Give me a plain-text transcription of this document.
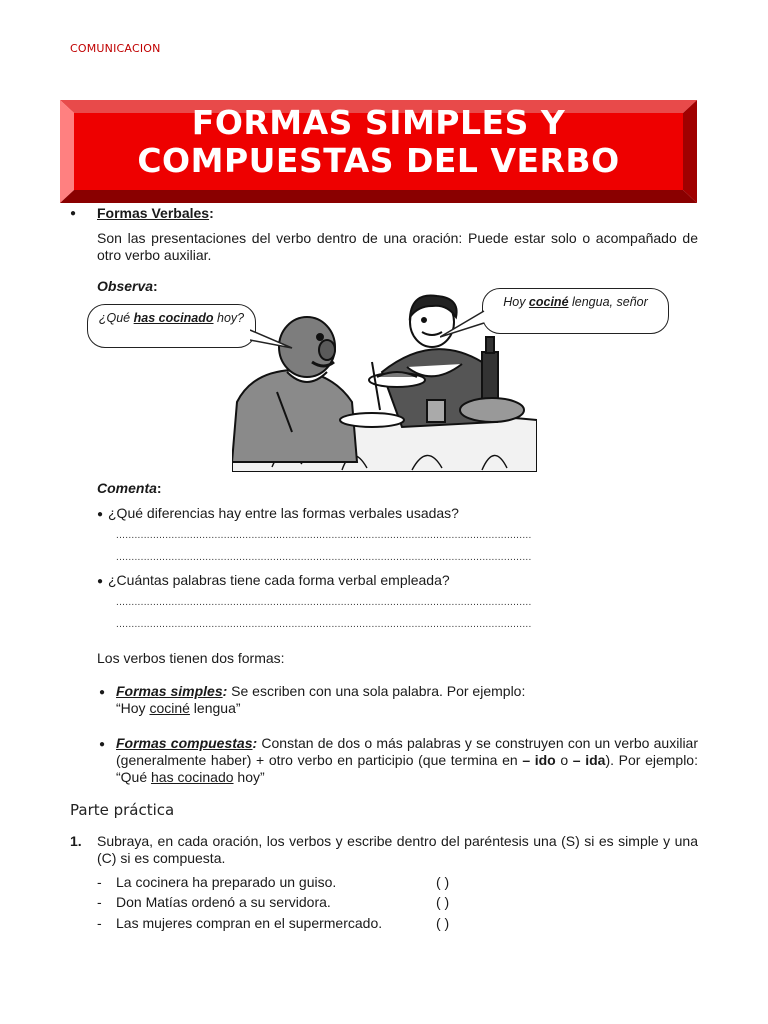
COMUNICACION
FORMAS SIMPLES Y
COMPUESTAS DEL VERBO
● Formas Verbales:
Son las presentaciones del verbo dentro de una oración: Puede estar solo o acompañado de otro verbo auxiliar.
Observa:
¿Qué has cocinado hoy?
Hoy cociné lengua, señor
Comenta:
● ¿Qué diferencias hay entre las formas verbales usadas?
.......................................................................................................................................
.......................................................................................................................................
● ¿Cuántas palabras tiene cada forma verbal empleada?
.......................................................................................................................................
.......................................................................................................................................
Los verbos tienen dos formas:
● Formas simples: Se escriben con una sola palabra. Por ejemplo:
“Hoy cociné lengua”
● Formas compuestas: Constan de dos o más palabras y se construyen con un verbo auxiliar (generalmente haber) + otro verbo en participio (que termina en – ido o – ida). Por ejemplo: “Qué has cocinado hoy”
Parte práctica
1. Subraya, en cada oración, los verbos y escribe dentro del paréntesis una (S) si es simple y una (C) si es compuesta.
- La cocinera ha preparado un guiso.	( )
- Don Matías ordenó a su servidora.	( )
- Las mujeres compran en el supermercado.	( )
